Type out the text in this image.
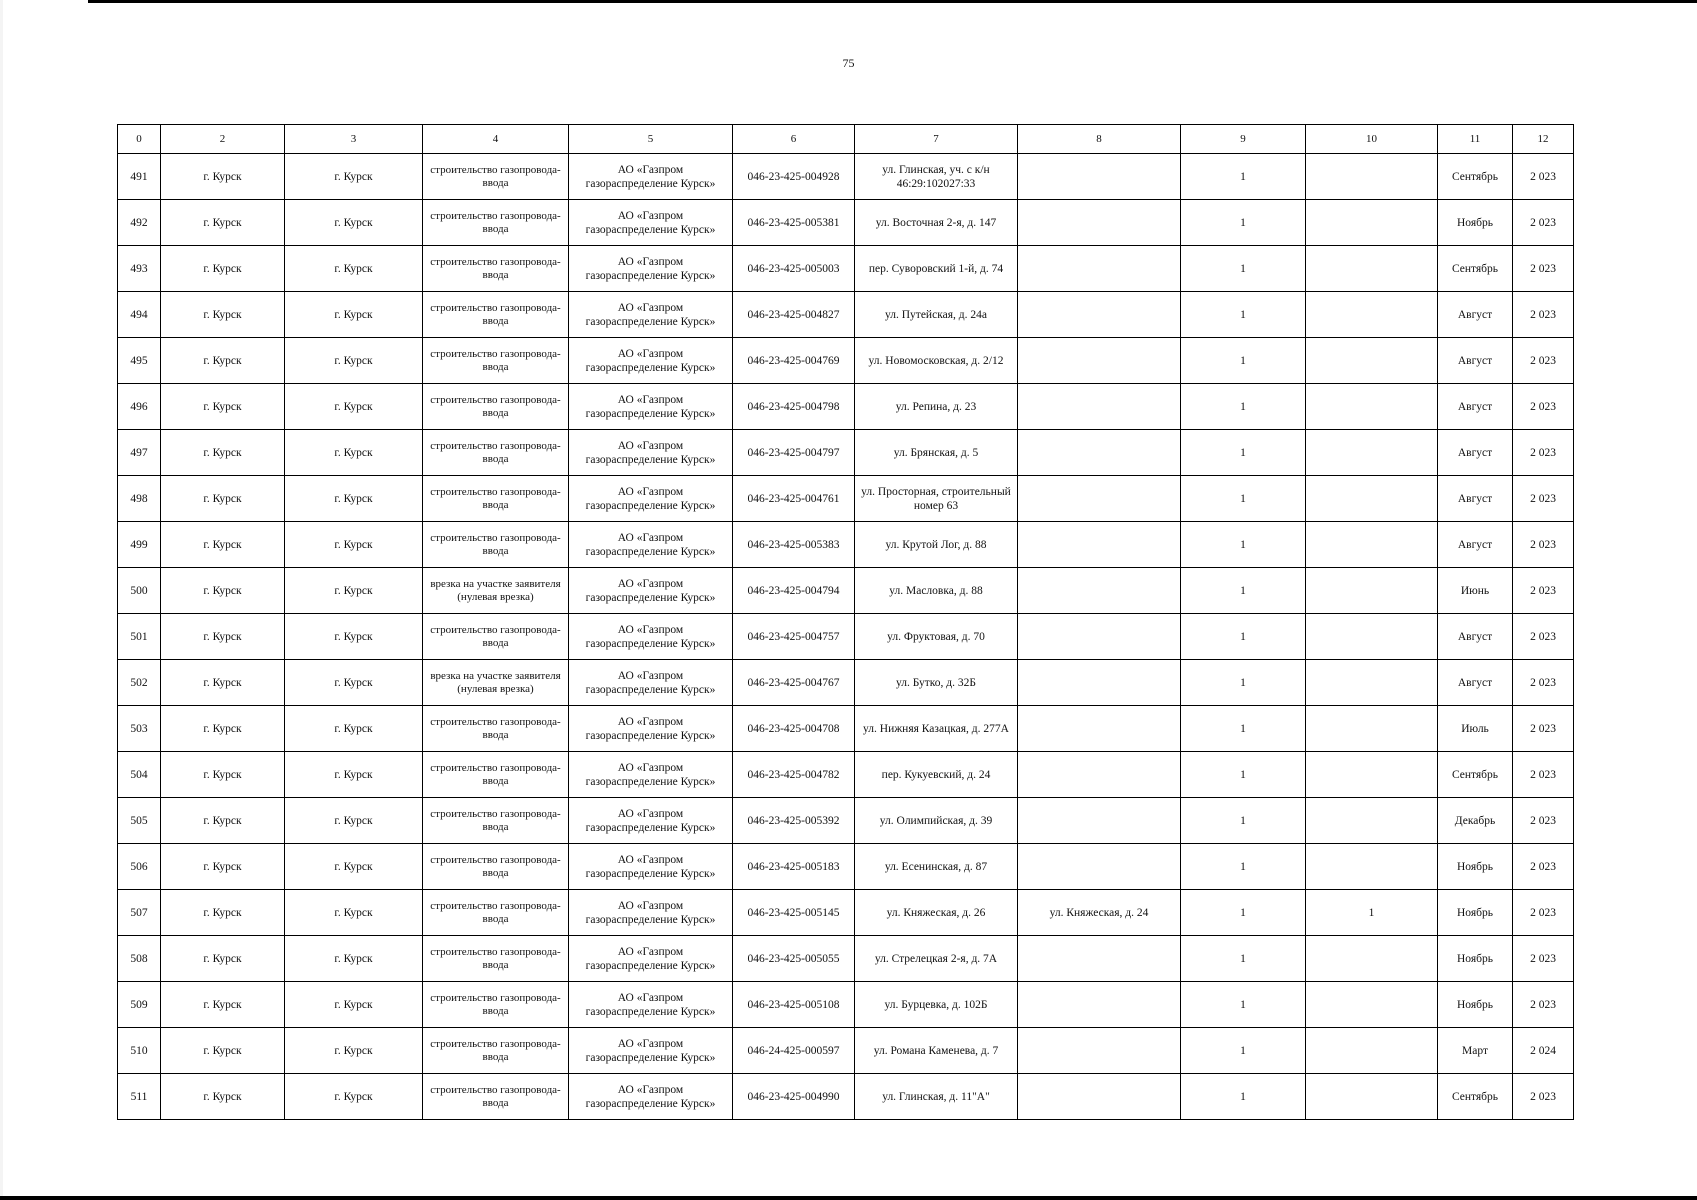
75
0	2	3	4	5	6	7	8	9	10	11	12
491	г. Курск	г. Курск	строительство газопровода-ввода	АО «Газпром газораспределение Курск»	046-23-425-004928	ул. Глинская, уч. с к/н 46:29:102027:33		1		Сентябрь	2 023
492	г. Курск	г. Курск	строительство газопровода-ввода	АО «Газпром газораспределение Курск»	046-23-425-005381	ул. Восточная 2-я, д. 147		1		Ноябрь	2 023
493	г. Курск	г. Курск	строительство газопровода-ввода	АО «Газпром газораспределение Курск»	046-23-425-005003	пер. Суворовский 1-й, д. 74		1		Сентябрь	2 023
494	г. Курск	г. Курск	строительство газопровода-ввода	АО «Газпром газораспределение Курск»	046-23-425-004827	ул. Путейская, д. 24а		1		Август	2 023
495	г. Курск	г. Курск	строительство газопровода-ввода	АО «Газпром газораспределение Курск»	046-23-425-004769	ул. Новомосковская, д. 2/12		1		Август	2 023
496	г. Курск	г. Курск	строительство газопровода-ввода	АО «Газпром газораспределение Курск»	046-23-425-004798	ул. Репина, д. 23		1		Август	2 023
497	г. Курск	г. Курск	строительство газопровода-ввода	АО «Газпром газораспределение Курск»	046-23-425-004797	ул. Брянская, д. 5		1		Август	2 023
498	г. Курск	г. Курск	строительство газопровода-ввода	АО «Газпром газораспределение Курск»	046-23-425-004761	ул. Просторная, строительный номер 63		1		Август	2 023
499	г. Курск	г. Курск	строительство газопровода-ввода	АО «Газпром газораспределение Курск»	046-23-425-005383	ул. Крутой Лог, д. 88		1		Август	2 023
500	г. Курск	г. Курск	врезка на участке заявителя (нулевая врезка)	АО «Газпром газораспределение Курск»	046-23-425-004794	ул. Масловка, д. 88		1		Июнь	2 023
501	г. Курск	г. Курск	строительство газопровода-ввода	АО «Газпром газораспределение Курск»	046-23-425-004757	ул. Фруктовая, д. 70		1		Август	2 023
502	г. Курск	г. Курск	врезка на участке заявителя (нулевая врезка)	АО «Газпром газораспределение Курск»	046-23-425-004767	ул. Бутко, д. 32Б		1		Август	2 023
503	г. Курск	г. Курск	строительство газопровода-ввода	АО «Газпром газораспределение Курск»	046-23-425-004708	ул. Нижняя Казацкая, д. 277А		1		Июль	2 023
504	г. Курск	г. Курск	строительство газопровода-ввода	АО «Газпром газораспределение Курск»	046-23-425-004782	пер. Кукуевский, д. 24		1		Сентябрь	2 023
505	г. Курск	г. Курск	строительство газопровода-ввода	АО «Газпром газораспределение Курск»	046-23-425-005392	ул. Олимпийская, д. 39		1		Декабрь	2 023
506	г. Курск	г. Курск	строительство газопровода-ввода	АО «Газпром газораспределение Курск»	046-23-425-005183	ул. Есенинская, д. 87		1		Ноябрь	2 023
507	г. Курск	г. Курск	строительство газопровода-ввода	АО «Газпром газораспределение Курск»	046-23-425-005145	ул. Княжеская, д. 26	ул. Княжеская, д. 24	1	1	Ноябрь	2 023
508	г. Курск	г. Курск	строительство газопровода-ввода	АО «Газпром газораспределение Курск»	046-23-425-005055	ул. Стрелецкая 2-я, д. 7А		1		Ноябрь	2 023
509	г. Курск	г. Курск	строительство газопровода-ввода	АО «Газпром газораспределение Курск»	046-23-425-005108	ул. Бурцевка, д. 102Б		1		Ноябрь	2 023
510	г. Курск	г. Курск	строительство газопровода-ввода	АО «Газпром газораспределение Курск»	046-24-425-000597	ул. Романа Каменева, д. 7		1		Март	2 024
511	г. Курск	г. Курск	строительство газопровода-ввода	АО «Газпром газораспределение Курск»	046-23-425-004990	ул. Глинская, д. 11"А"		1		Сентябрь	2 023
